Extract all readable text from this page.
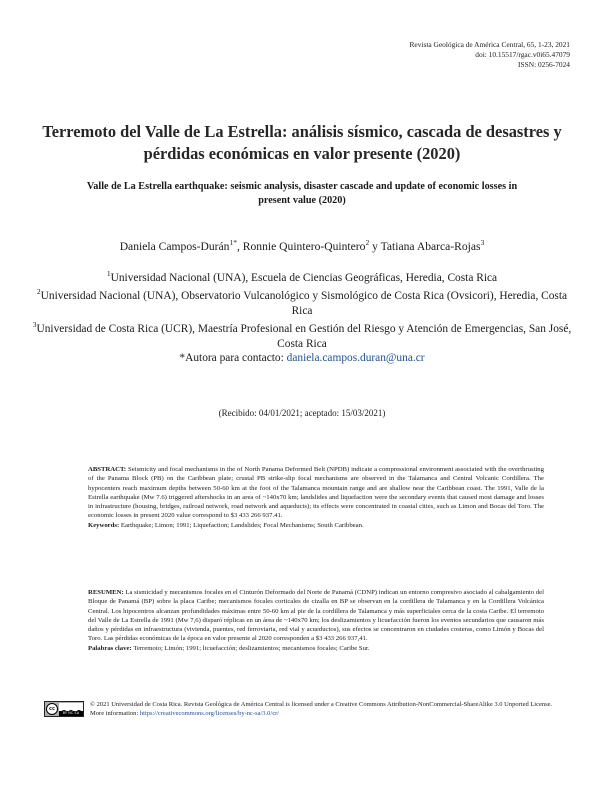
Revista Geológica de América Central, 65, 1-23, 2021
doi: 10.15517/rgac.v0i65.47079
ISSN: 0256-7024
Terremoto del Valle de La Estrella: análisis sísmico, cascada de desastres y pérdidas económicas en valor presente (2020)
Valle de La Estrella earthquake: seismic analysis, disaster cascade and update of economic losses in present value (2020)
Daniela Campos-Durán$^{1*}$, Ronnie Quintero-Quintero$^2$ y Tatiana Abarca-Rojas$^3$
$^1$Universidad Nacional (UNA), Escuela de Ciencias Geográficas, Heredia, Costa Rica
$^2$Universidad Nacional (UNA), Observatorio Vulcanológico y Sismológico de Costa Rica (Ovsicori), Heredia, Costa Rica
$^3$Universidad de Costa Rica (UCR), Maestría Profesional en Gestión del Riesgo y Atención de Emergencias, San José, Costa Rica
*Autora para contacto: daniela.campos.duran@una.cr
(Recibido: 04/01/2021; aceptado: 15/03/2021)
ABSTRACT: Seismicity and focal mechanisms in the of North Panama Deformed Belt (NPDB) indicate a compressional environment associated with the overthrusting of the Panama Block (PB) on the Caribbean plate; crustal PB strike-slip focal mechanisms are observed in the Talamanca and Central Volcanic Cordillera. The hypocenters reach maximum depths between 50-60 km at the foot of the Talamanca mountain range and are shallow near the Caribbean coast. The 1991, Valle de la Estrella earthquake (Mw 7.6) triggered aftershocks in an area of ~140x70 km; landslides and liquefaction were the secondary events that caused most damage and losses in infrastructure (housing, bridges, railroad network, road network and aqueducts); its effects were concentrated in coastal cities, such as Limon and Bocas del Toro. The economic losses in present 2020 value correspond to $3 433 266 937.41.
Keywords: Earthquake; Limon; 1991; Liquefaction; Landslides; Focal Mechanisms; South Caribbean.
RESUMEN: La sismicidad y mecanismos focales en el Cinturón Deformado del Norte de Panamá (CDNP) indican un entorno compresivo asociado al cabalgamiento del Bloque de Panamá (BP) sobre la placa Caribe; mecanismos focales corticales de cizalla en BP se observan en la cordillera de Talamanca y en la Cordillera Volcánica Central. Los hipocentros alcanzan profundidades máximas entre 50-60 km al pie de la cordillera de Talamanca y más superficiales cerca de la costa Caribe. El terremoto del Valle de La Estrella de 1991 (Mw 7,6) disparó réplicas en un área de ~140x70 km; los deslizamientos y licuefacción fueron los eventos secundarios que causaron más daños y pérdidas en infraestructura (vivienda, puentes, red ferroviaria, red vial y acueductos), sus efectos se concentraron en ciudades costeras, como Limón y Bocas del Toro. Las pérdidas económicas de la época en valor presente al 2020 corresponden a $3 433 266 937,41.
Palabras clave: Terremoto; Limón; 1991; licuefacción; deslizamientos; mecanismos focales; Caribe Sur.
cc
BY NC SA
© 2021 Universidad de Costa Rica. Revista Geológica de América Central is licensed under a Creative Commons Attribution-NonCommercial-ShareAlike 3.0 Unported License. More information: https://creativecommons.org/licenses/by-nc-sa/3.0/cr/
